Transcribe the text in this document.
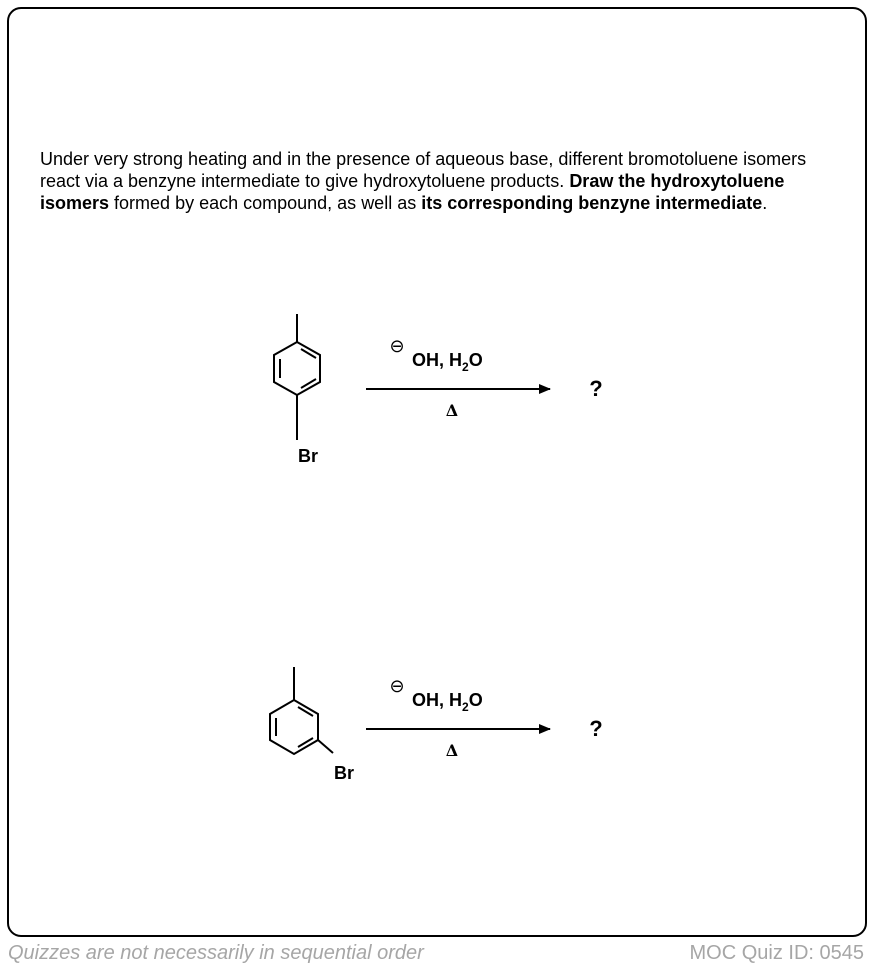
Under very strong heating and in the presence of aqueous base, different bromotoluene isomers react via a benzyne intermediate to give hydroxytoluene products. Draw the hydroxytoluene isomers formed by each compound, as well as its corresponding benzyne intermediate.
Br
⊖
OH, $H_2O$
Δ
?
Br
⊖
OH, $H_2O$
Δ
?
Quizzes are not necessarily in sequential order	MOC Quiz ID: 0545
